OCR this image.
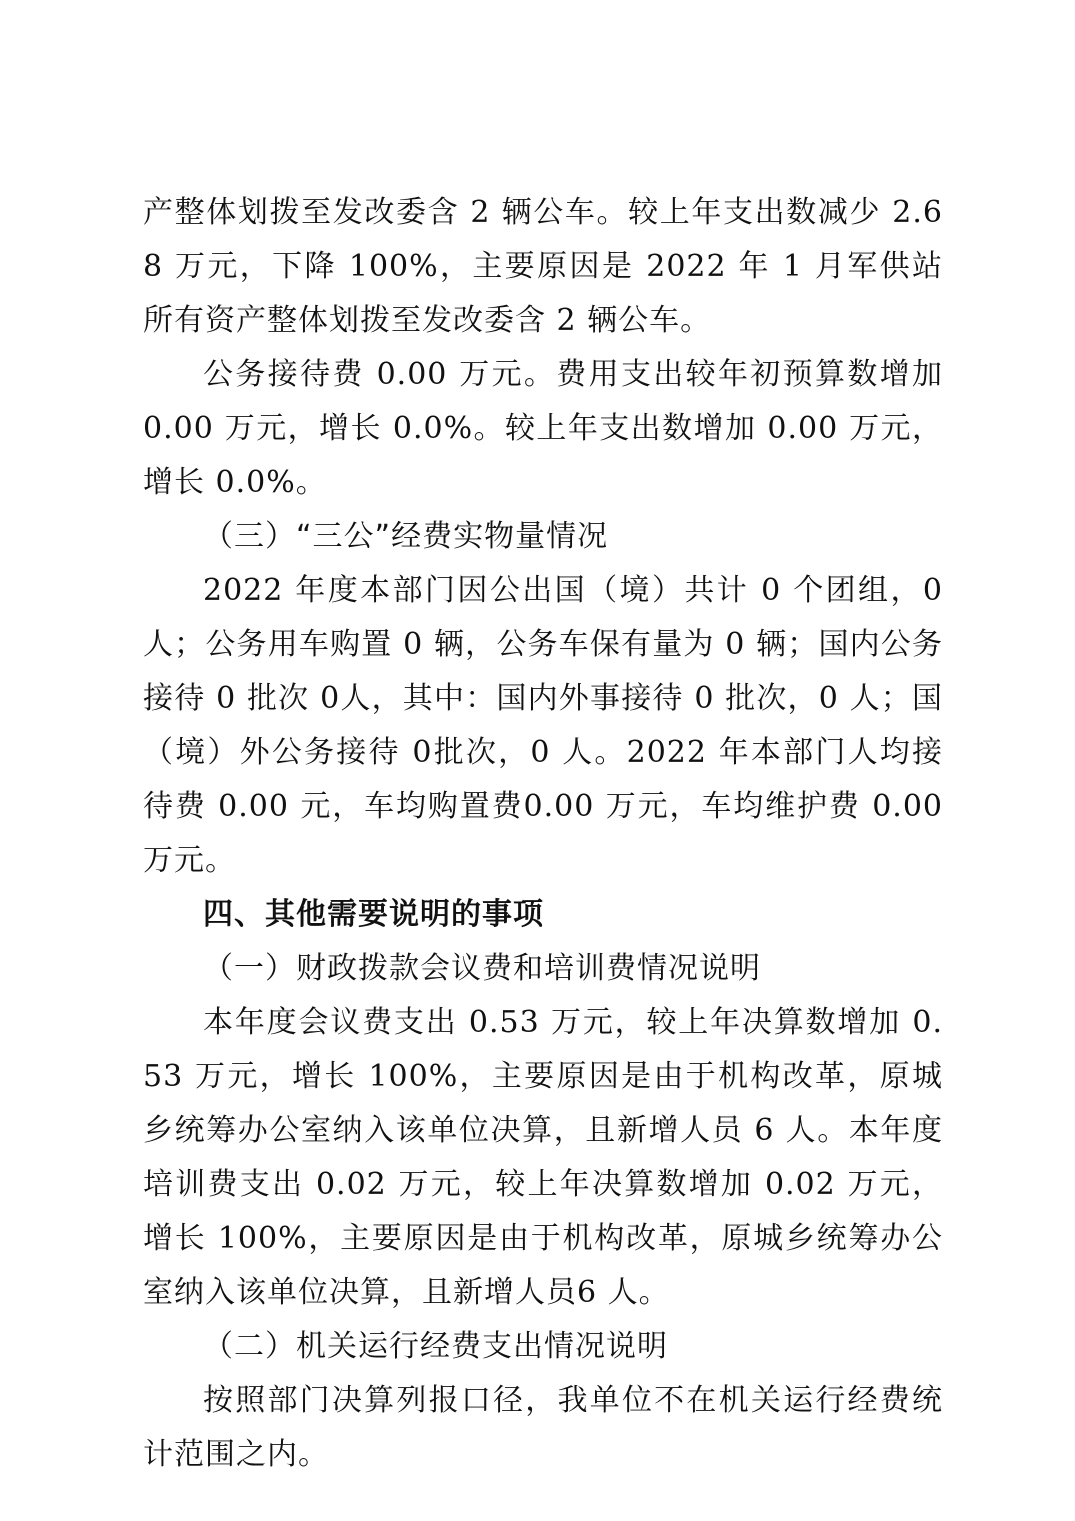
产整体划拨至发改委含 2 辆公车。较上年支出数减少 2.68 万元，下降 100%，主要原因是 2022 年 1 月军供站所有资产整体划拨至发改委含 2 辆公车。

公务接待费 0.00 万元。费用支出较年初预算数增加 0.00 万元，增长 0.0%。较上年支出数增加 0.00 万元，增长 0.0%。

（三）“三公”经费实物量情况

2022 年度本部门因公出国（境）共计 0 个团组，0 人；公务用车购置 0 辆，公务车保有量为 0 辆；国内公务接待 0 批次 0人，其中：国内外事接待 0 批次，0 人；国（境）外公务接待 0批次，0 人。2022 年本部门人均接待费 0.00 元，车均购置费0.00 万元，车均维护费 0.00 万元。

四、其他需要说明的事项

（一）财政拨款会议费和培训费情况说明

本年度会议费支出 0.53 万元，较上年决算数增加 0.53 万元，增长 100%，主要原因是由于机构改革，原城乡统筹办公室纳入该单位决算，且新增人员 6 人。本年度培训费支出 0.02 万元，较上年决算数增加 0.02 万元，增长 100%，主要原因是由于机构改革，原城乡统筹办公室纳入该单位决算，且新增人员6 人。

（二）机关运行经费支出情况说明

按照部门决算列报口径，我单位不在机关运行经费统计范围之内。
